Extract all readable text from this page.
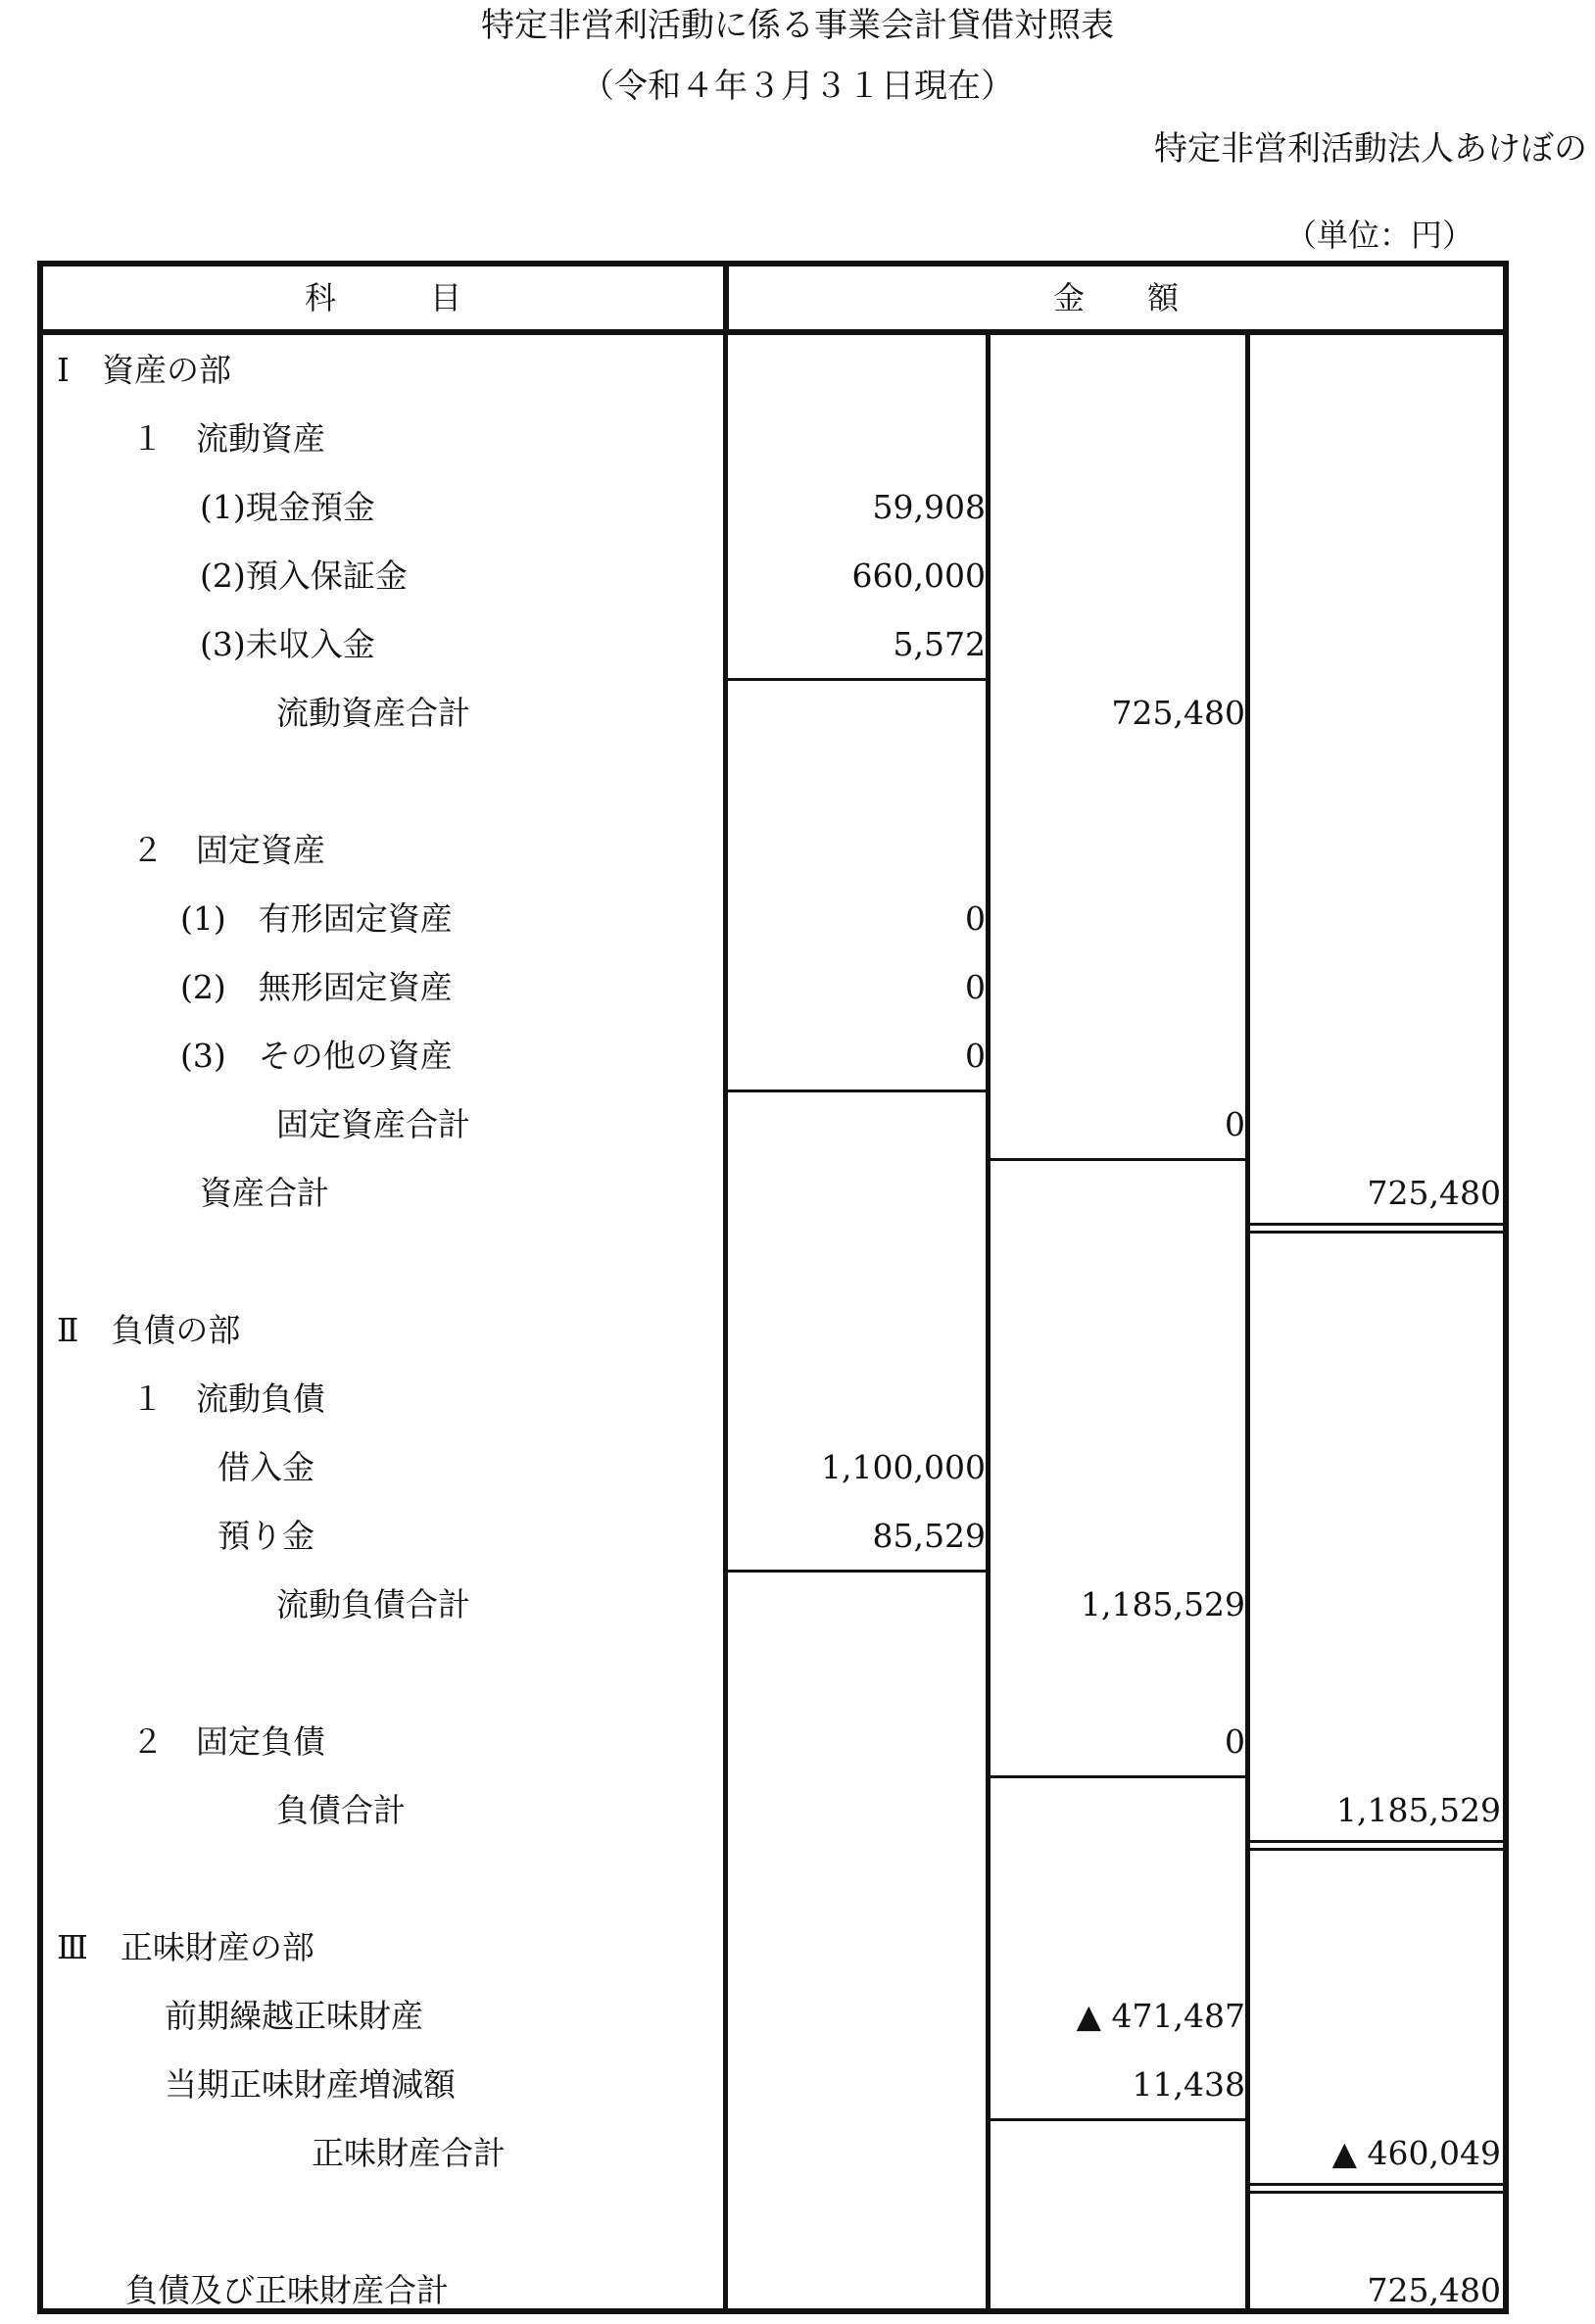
特定非営利活動に係る事業会計貸借対照表
（令和４年３月３１日現在）
特定非営利活動法人あけぼの
（単位：円）
科　　　目	金　　額
Ⅰ　資産の部
１　流動資産
(1)現金預金	59,908
(2)預入保証金	660,000
(3)未収入金	5,572
流動資産合計	725,480
２　固定資産
(1)　有形固定資産	0
(2)　無形固定資産	0
(3)　その他の資産	0
固定資産合計	0
資産合計	725,480
Ⅱ　負債の部
１　流動負債
借入金	1,100,000
預り金	85,529
流動負債合計	1,185,529
２　固定負債	0
負債合計	1,185,529
Ⅲ　正味財産の部
前期繰越正味財産	▲ 471,487
当期正味財産増減額	11,438
正味財産合計	▲ 460,049
負債及び正味財産合計	725,480
